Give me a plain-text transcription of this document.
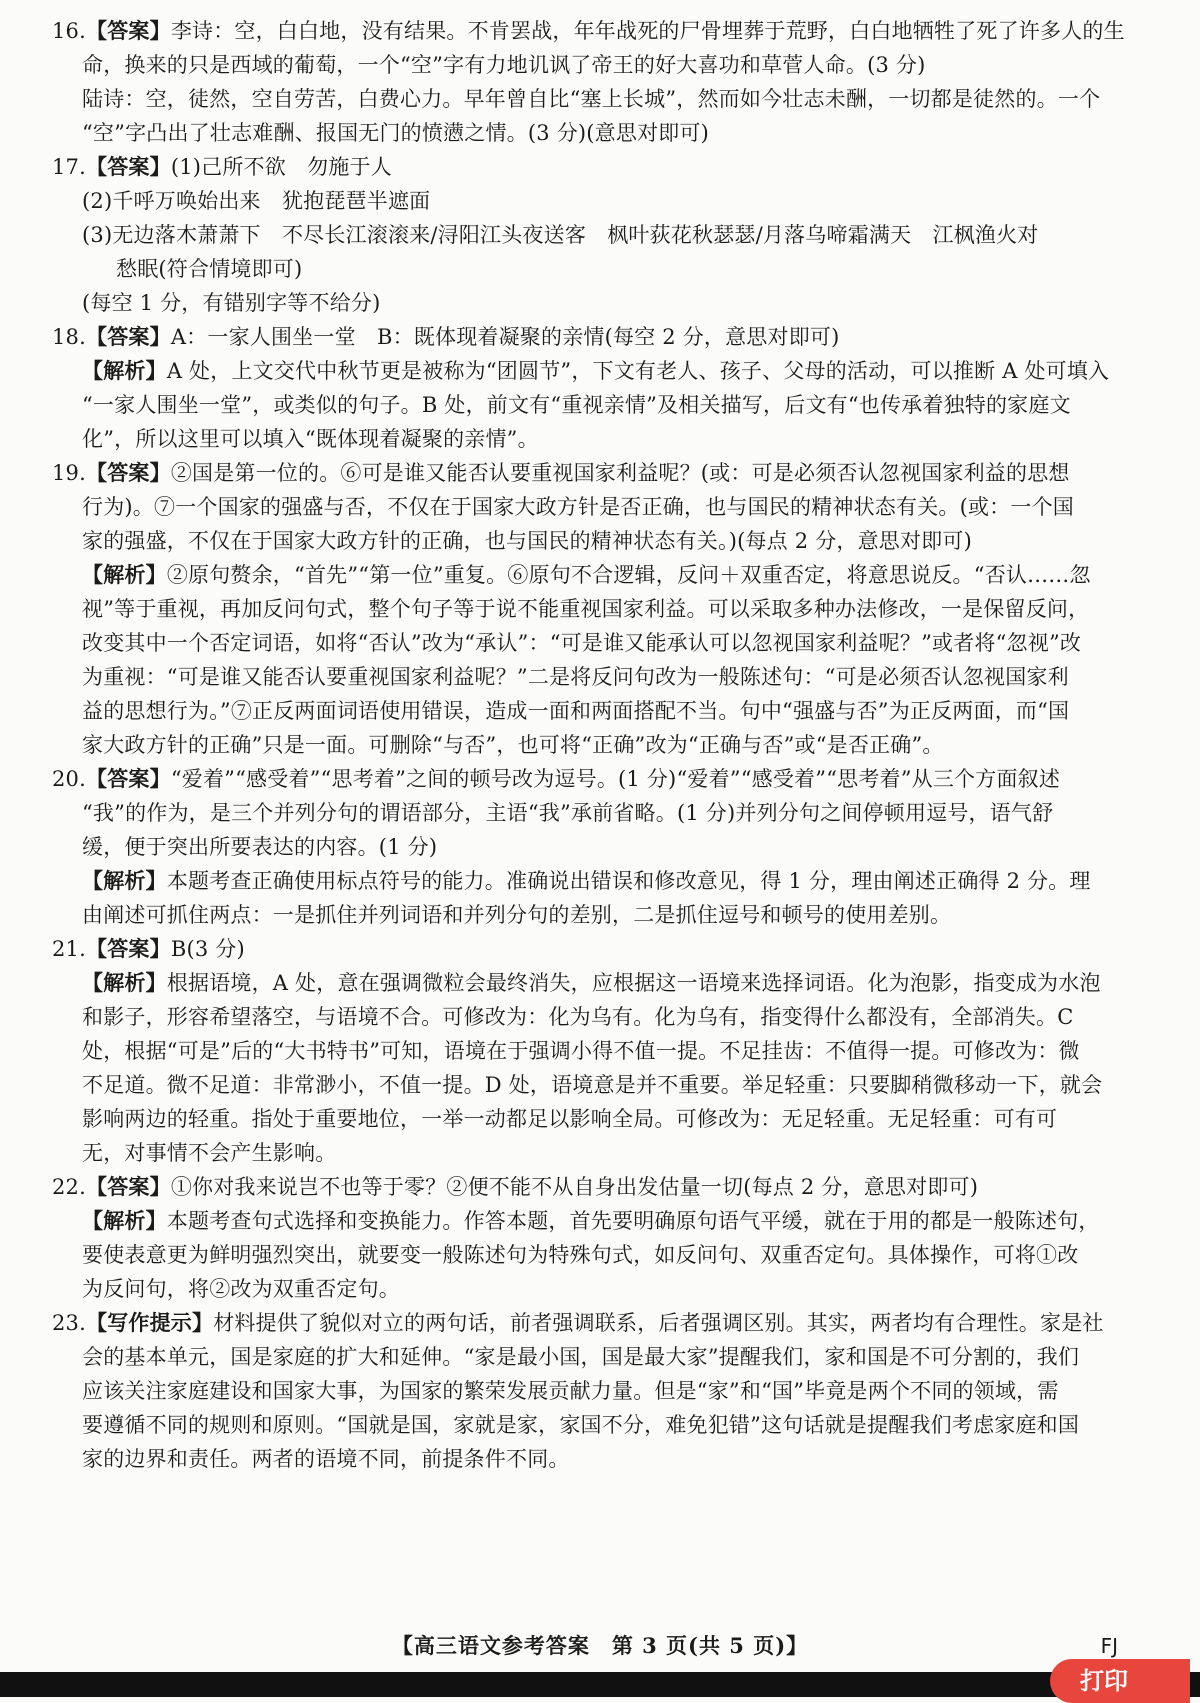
16.【答案】李诗：空，白白地，没有结果。不肯罢战，年年战死的尸骨埋葬于荒野，白白地牺牲了死了许多人的生
命，换来的只是西域的葡萄，一个“空”字有力地讥讽了帝王的好大喜功和草菅人命。(3 分)
陆诗：空，徒然，空自劳苦，白费心力。早年曾自比“塞上长城”，然而如今壮志未酬，一切都是徒然的。一个
“空”字凸出了壮志难酬、报国无门的愤懑之情。(3 分)(意思对即可)
17.【答案】(1)己所不欲　勿施于人
(2)千呼万唤始出来　犹抱琵琶半遮面
(3)无边落木萧萧下　不尽长江滚滚来/浔阳江头夜送客　枫叶荻花秋瑟瑟/月落乌啼霜满天　江枫渔火对
愁眠(符合情境即可)
(每空 1 分，有错别字等不给分)
18.【答案】A：一家人围坐一堂　B：既体现着凝聚的亲情(每空 2 分，意思对即可)
【解析】A 处，上文交代中秋节更是被称为“团圆节”，下文有老人、孩子、父母的活动，可以推断 A 处可填入
“一家人围坐一堂”，或类似的句子。B 处，前文有“重视亲情”及相关描写，后文有“也传承着独特的家庭文
化”，所以这里可以填入“既体现着凝聚的亲情”。
19.【答案】②国是第一位的。⑥可是谁又能否认要重视国家利益呢？(或：可是必须否认忽视国家利益的思想
行为)。⑦一个国家的强盛与否，不仅在于国家大政方针是否正确，也与国民的精神状态有关。(或：一个国
家的强盛，不仅在于国家大政方针的正确，也与国民的精神状态有关。)(每点 2 分，意思对即可)
【解析】②原句赘余，“首先”“第一位”重复。⑥原句不合逻辑，反问＋双重否定，将意思说反。“否认……忽
视”等于重视，再加反问句式，整个句子等于说不能重视国家利益。可以采取多种办法修改，一是保留反问，
改变其中一个否定词语，如将“否认”改为“承认”：“可是谁又能承认可以忽视国家利益呢？”或者将“忽视”改
为重视：“可是谁又能否认要重视国家利益呢？”二是将反问句改为一般陈述句：“可是必须否认忽视国家利
益的思想行为。”⑦正反两面词语使用错误，造成一面和两面搭配不当。句中“强盛与否”为正反两面，而“国
家大政方针的正确”只是一面。可删除“与否”，也可将“正确”改为“正确与否”或“是否正确”。
20.【答案】“爱着”“感受着”“思考着”之间的顿号改为逗号。(1 分)“爱着”“感受着”“思考着”从三个方面叙述
“我”的作为，是三个并列分句的谓语部分，主语“我”承前省略。(1 分)并列分句之间停顿用逗号，语气舒
缓，便于突出所要表达的内容。(1 分)
【解析】本题考查正确使用标点符号的能力。准确说出错误和修改意见，得 1 分，理由阐述正确得 2 分。理
由阐述可抓住两点：一是抓住并列词语和并列分句的差别，二是抓住逗号和顿号的使用差别。
21.【答案】B(3 分)
【解析】根据语境，A 处，意在强调微粒会最终消失，应根据这一语境来选择词语。化为泡影，指变成为水泡
和影子，形容希望落空，与语境不合。可修改为：化为乌有。化为乌有，指变得什么都没有，全部消失。C
处，根据“可是”后的“大书特书”可知，语境在于强调小得不值一提。不足挂齿：不值得一提。可修改为：微
不足道。微不足道：非常渺小，不值一提。D 处，语境意是并不重要。举足轻重：只要脚稍微移动一下，就会
影响两边的轻重。指处于重要地位，一举一动都足以影响全局。可修改为：无足轻重。无足轻重：可有可
无，对事情不会产生影响。
22.【答案】①你对我来说岂不也等于零？②便不能不从自身出发估量一切(每点 2 分，意思对即可)
【解析】本题考查句式选择和变换能力。作答本题，首先要明确原句语气平缓，就在于用的都是一般陈述句，
要使表意更为鲜明强烈突出，就要变一般陈述句为特殊句式，如反问句、双重否定句。具体操作，可将①改
为反问句，将②改为双重否定句。
23.【写作提示】材料提供了貌似对立的两句话，前者强调联系，后者强调区别。其实，两者均有合理性。家是社
会的基本单元，国是家庭的扩大和延伸。“家是最小国，国是最大家”提醒我们，家和国是不可分割的，我们
应该关注家庭建设和国家大事，为国家的繁荣发展贡献力量。但是“家”和“国”毕竟是两个不同的领域，需
要遵循不同的规则和原则。“国就是国，家就是家，家国不分，难免犯错”这句话就是提醒我们考虑家庭和国
家的边界和责任。两者的语境不同，前提条件不同。
【高三语文参考答案　第 3 页(共 5 页)】	FJ
打印
